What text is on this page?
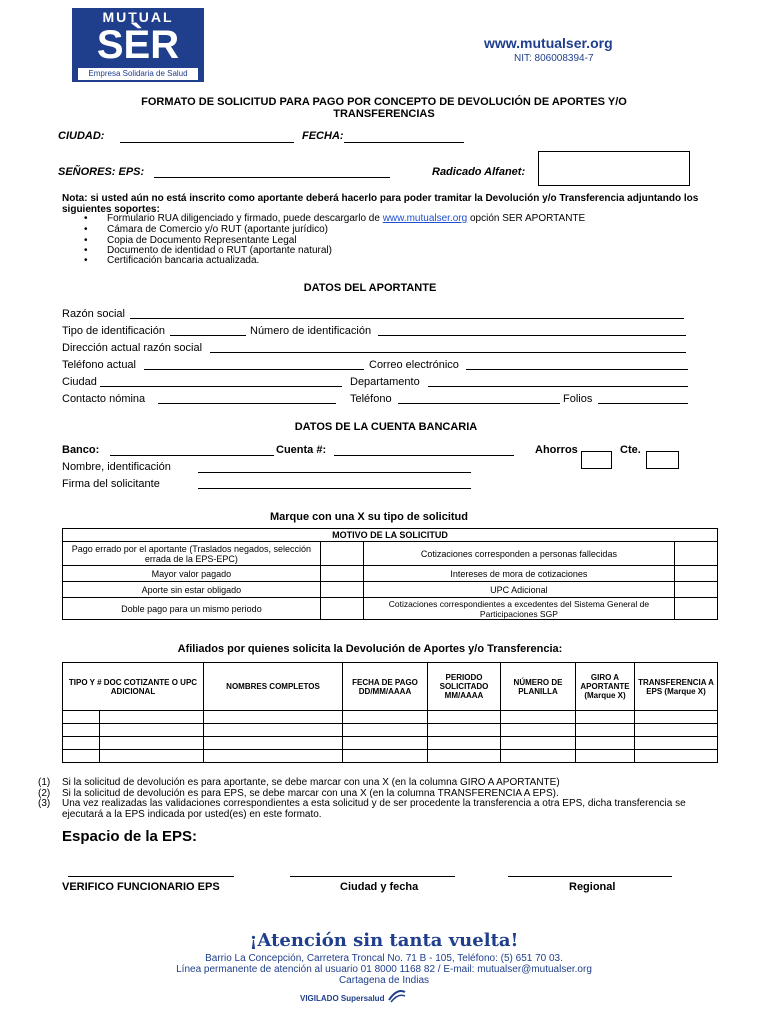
MUTUAL
SÈR
Empresa Solidaria de Salud
www.mutualser.org
NIT: 806008394-7
FORMATO DE SOLICITUD PARA PAGO POR CONCEPTO DE DEVOLUCIÓN DE APORTES Y/O TRANSFERENCIAS
CIUDAD:	FECHA:
SEÑORES: EPS:	Radicado Alfanet:
Nota: si usted aún no está inscrito como aportante deberá hacerlo para poder tramitar la Devolución y/o Transferencia adjuntando los siguientes soportes:
• Formulario RUA diligenciado y firmado, puede descargarlo de www.mutualser.org opción SER APORTANTE
• Cámara de Comercio y/o RUT (aportante jurídico)
• Copia de Documento Representante Legal
• Documento de identidad o RUT (aportante natural)
• Certificación bancaria actualizada.
DATOS DEL APORTANTE
Razón social
Tipo de identificación	Número de identificación
Dirección actual razón social
Teléfono actual	Correo electrónico
Ciudad	Departamento
Contacto nómina	Teléfono	Folios
DATOS DE LA CUENTA BANCARIA
Banco:	Cuenta #:	Ahorros	Cte.
Nombre, identificación
Firma del solicitante
Marque con una X su tipo de solicitud
MOTIVO DE LA SOLICITUD			
Pago errado por el aportante (Traslados negados, selección errada de la EPS-EPC)		Cotizaciones corresponden a personas fallecidas	
Mayor valor pagado		Intereses de mora de cotizaciones	
Aporte sin estar obligado		UPC Adicional	
Doble pago para un mismo periodo		Cotizaciones correspondientes a excedentes del Sistema General de Participaciones SGP	
Afiliados por quienes solicita la Devolución de Aportes y/o Transferencia:
TIPO Y # DOC COTIZANTE O UPC ADICIONAL		NOMBRES COMPLETOS	FECHA DE PAGO DD/MM/AAAA	PERIODO SOLICITADO MM/AAAA	NÚMERO DE PLANILLA	GIRO A APORTANTE (Marque X)	TRANSFERENCIA A EPS (Marque X)

(1) Si la solicitud de devolución es para aportante, se debe marcar con una X (en la columna GIRO A APORTANTE)
(2) Si la solicitud de devolución es para EPS, se debe marcar con una X (en la columna TRANSFERENCIA A EPS).
(3) Una vez realizadas las validaciones correspondientes a esta solicitud y de ser procedente la transferencia a otra EPS, dicha transferencia se ejecutará a la EPS indicada por usted(es) en este formato.
Espacio de la EPS:
VERIFICO FUNCIONARIO EPS	Ciudad y fecha	Regional
¡Atención sin tanta vuelta!
Barrio La Concepción, Carretera Troncal No. 71 B - 105, Teléfono: (5) 651 70 03.
Línea permanente de atención al usuario 01 8000 1168 82 / E-mail: mutualser@mutualser.org
Cartagena de Indias
VIGILADO Supersalud
